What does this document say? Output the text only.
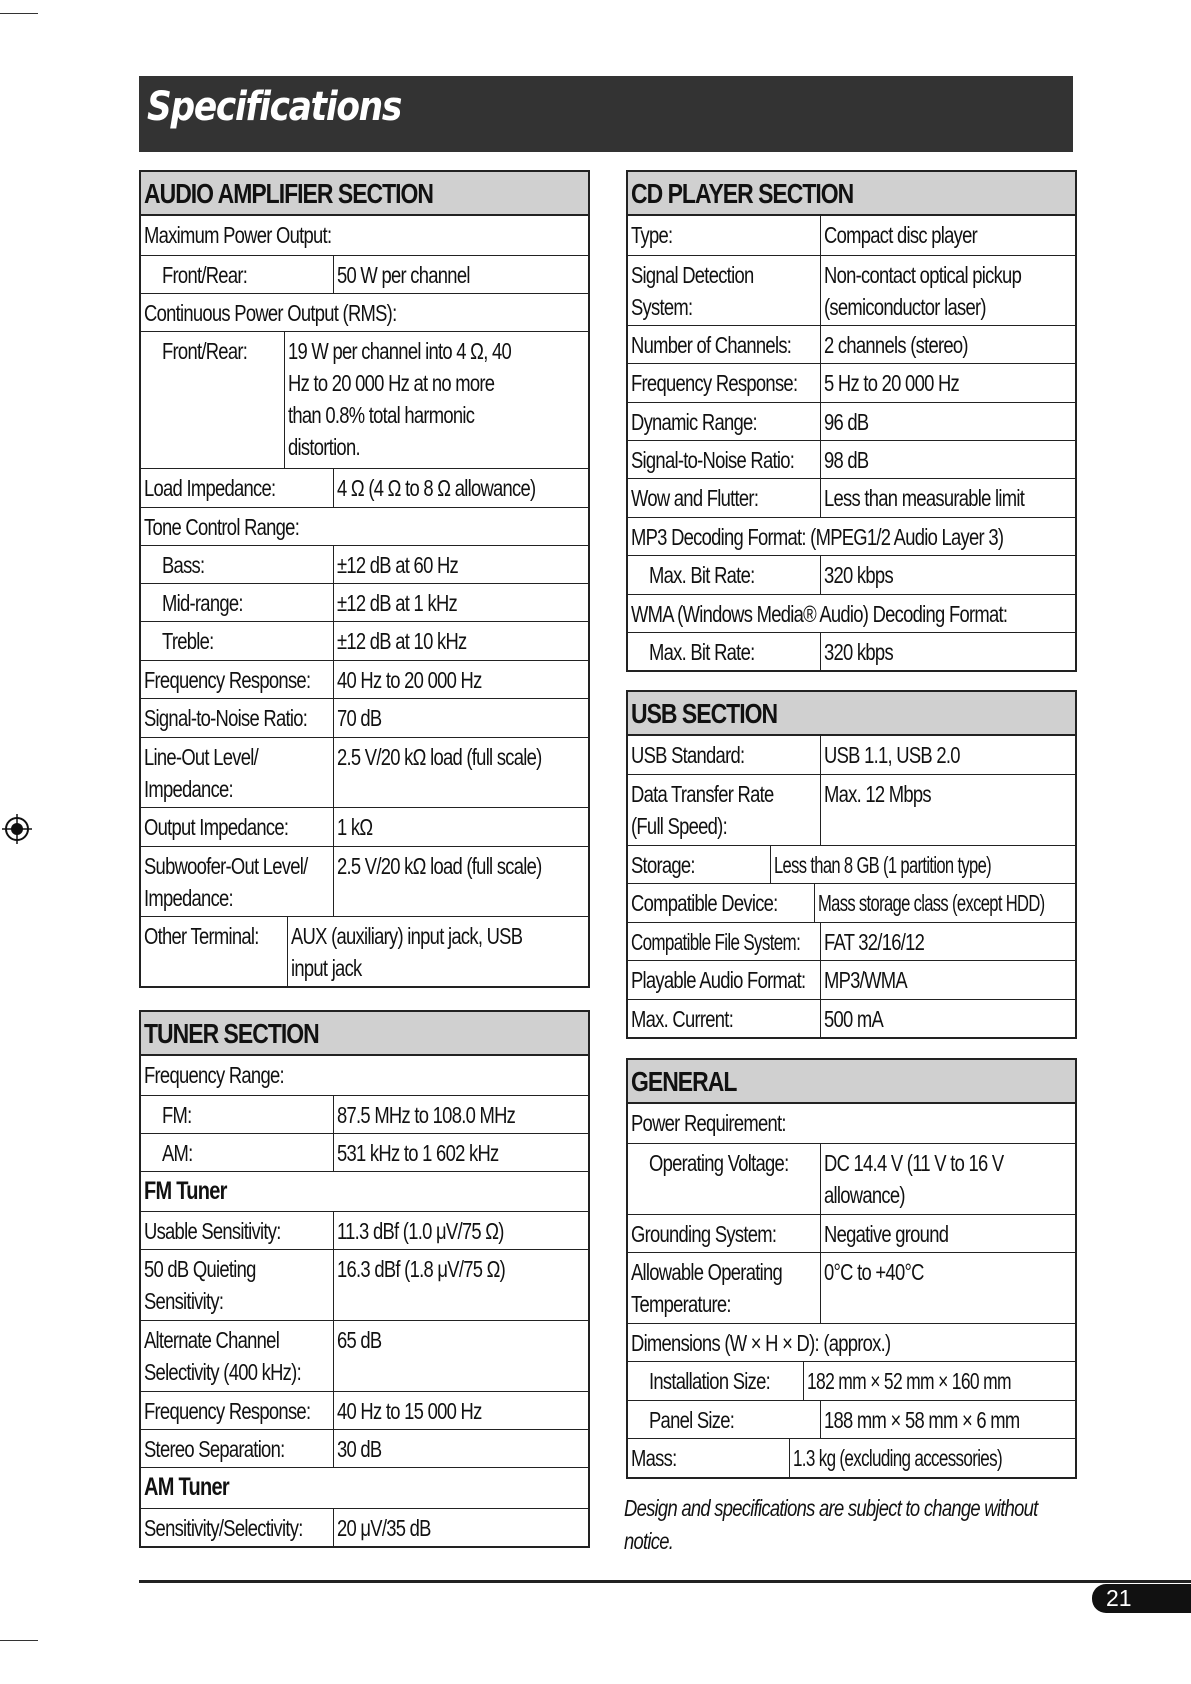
Specifications
AUDIO AMPLIFIER SECTION
Maximum Power Output:
Front/Rear:	50 W per channel
Continuous Power Output (RMS):
Front/Rear:	19 W per channel into 4 Ω, 40 Hz to 20 000 Hz at no more than 0.8% total harmonic distortion.
Load Impedance:	4 Ω (4 Ω to 8 Ω allowance)
Tone Control Range:
Bass:	±12 dB at 60 Hz
Mid-range:	±12 dB at 1 kHz
Treble:	±12 dB at 10 kHz
Frequency Response:	40 Hz to 20 000 Hz
Signal-to-Noise Ratio:	70 dB
Line-Out Level/ Impedance:
2.5 V/20 kΩ load (full scale)
Output Impedance:	1 kΩ
Subwoofer-Out Level/ Impedance:
2.5 V/20 kΩ load (full scale)
Other Terminal:	AUX (auxiliary) input jack, USB input jack
TUNER SECTION
Frequency Range:
FM:	87.5 MHz to 108.0 MHz
AM:	531 kHz to 1 602 kHz
FM Tuner
Usable Sensitivity:	11.3 dBf (1.0 μV/75 Ω)
50 dB Quieting Sensitivity:
16.3 dBf (1.8 μV/75 Ω)
Alternate Channel Selectivity (400 kHz):
65 dB
Frequency Response:	40 Hz to 15 000 Hz
Stereo Separation:	30 dB
AM Tuner
Sensitivity/Selectivity:	20 μV/35 dB
CD PLAYER SECTION
Type:	Compact disc player
Signal Detection System:
Non-contact optical pickup (semiconductor laser)
Number of Channels:	2 channels (stereo)
Frequency Response:	5 Hz to 20 000 Hz
Dynamic Range:	96 dB
Signal-to-Noise Ratio:	98 dB
Wow and Flutter:	Less than measurable limit
MP3 Decoding Format: (MPEG1/2 Audio Layer 3)
Max. Bit Rate:	320 kbps
WMA (Windows Media® Audio) Decoding Format:
Max. Bit Rate:	320 kbps
USB SECTION
USB Standard:	USB 1.1, USB 2.0
Data Transfer Rate (Full Speed):
Max. 12 Mbps
Storage:	Less than 8 GB (1 partition type)
Compatible Device:	Mass storage class (except HDD)
Compatible File System:	FAT 32/16/12
Playable Audio Format: MP3/WMA
Max. Current:	500 mA
GENERAL
Power Requirement:
Operating Voltage:	DC 14.4 V (11 V to 16 V allowance)
Grounding System:	Negative ground
Allowable Operating Temperature:
0°C to +40°C
Dimensions (W × H × D): (approx.)
Installation Size:	182 mm × 52 mm × 160 mm
Panel Size:	188 mm × 58 mm × 6 mm
Mass:	1.3 kg (excluding accessories)
Design and specifications are subject to change without notice.
21
